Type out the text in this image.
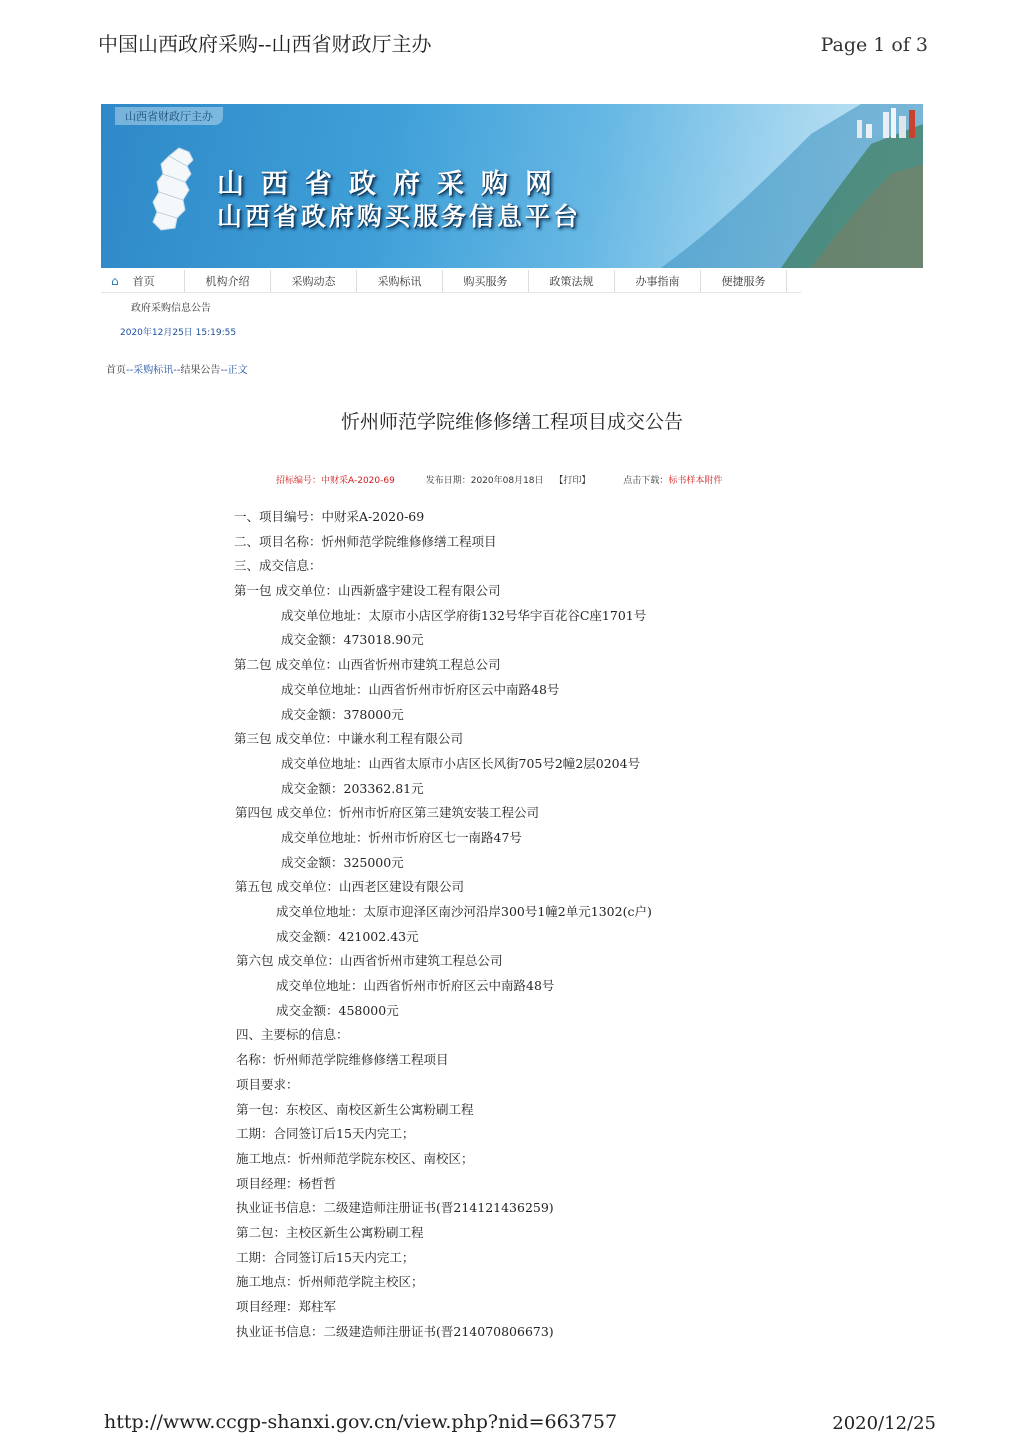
中国山西政府采购--山西省财政厅主办	Page 1 of 3
山西省财政厅主办
山西省政府采购网
山西省政府购买服务信息平台
⌂ 首页	机构介绍	采购动态	采购标讯	购买服务	政策法规	办事指南	便捷服务
政府采购信息公告
2020年12月25日 15:19:55
首页--采购标讯--结果公告--正文
忻州师范学院维修修缮工程项目成交公告
招标编号：中财采A-2020-69	发布日期：2020年08月18日 【打印】	点击下载：标书样本附件
一、项目编号：中财采A-2020-69
二、项目名称：忻州师范学院维修修缮工程项目
三、成交信息：
第一包 成交单位：山西新盛宇建设工程有限公司
成交单位地址：太原市小店区学府街132号华宇百花谷C座1701号
成交金额：473018.90元
第二包 成交单位：山西省忻州市建筑工程总公司
成交单位地址：山西省忻州市忻府区云中南路48号
成交金额：378000元
第三包 成交单位：中谦水利工程有限公司
成交单位地址：山西省太原市小店区长风街705号2幢2层0204号
成交金额：203362.81元
第四包 成交单位：忻州市忻府区第三建筑安装工程公司
成交单位地址：忻州市忻府区七一南路47号
成交金额：325000元
第五包 成交单位：山西老区建设有限公司
成交单位地址：太原市迎泽区南沙河沿岸300号1幢2单元1302(c户)
成交金额：421002.43元
第六包 成交单位：山西省忻州市建筑工程总公司
成交单位地址：山西省忻州市忻府区云中南路48号
成交金额：458000元
四、主要标的信息：
名称：忻州师范学院维修修缮工程项目
项目要求：
第一包：东校区、南校区新生公寓粉刷工程
工期：合同签订后15天内完工；
施工地点：忻州师范学院东校区、南校区；
项目经理：杨哲哲
执业证书信息：二级建造师注册证书(晋214121436259)
第二包：主校区新生公寓粉刷工程
工期：合同签订后15天内完工；
施工地点：忻州师范学院主校区；
项目经理：郑柱军
执业证书信息：二级建造师注册证书(晋214070806673)
http://www.ccgp-shanxi.gov.cn/view.php?nid=663757	2020/12/25
